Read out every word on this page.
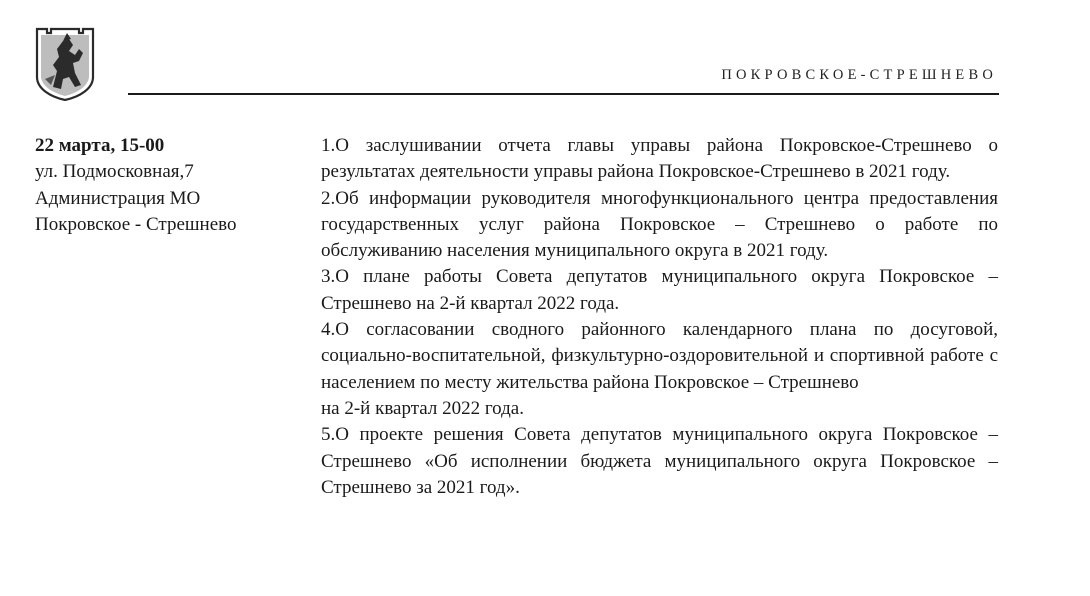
ПОКРОВСКОЕ-СТРЕШНЕВО
22 марта, 15-00
ул. Подмосковная,7
Администрация МО
Покровское - Стрешнево

1.О заслушивании отчета главы управы района Покровское-Стрешнево о результатах деятельности управы района Покровское-Стрешнево в 2021 году.

2.Об информации руководителя многофункционального центра предоставления государственных услуг района Покровское – Стрешнево о работе по обслуживанию населения муниципального округа в 2021 году.

3.О плане работы Совета депутатов муниципального округа Покровское – Стрешнево на 2-й квартал 2022 года.

4.О согласовании сводного районного календарного плана по досуговой, социально-воспитательной, физкультурно-оздоровительной и спортивной работе с населением по месту жительства района Покровское – Стрешнево

на 2-й квартал 2022 года.

5.О проекте решения Совета депутатов муниципального округа Покровское – Стрешнево «Об исполнении бюджета муниципального округа Покровское – Стрешнево за 2021 год».
